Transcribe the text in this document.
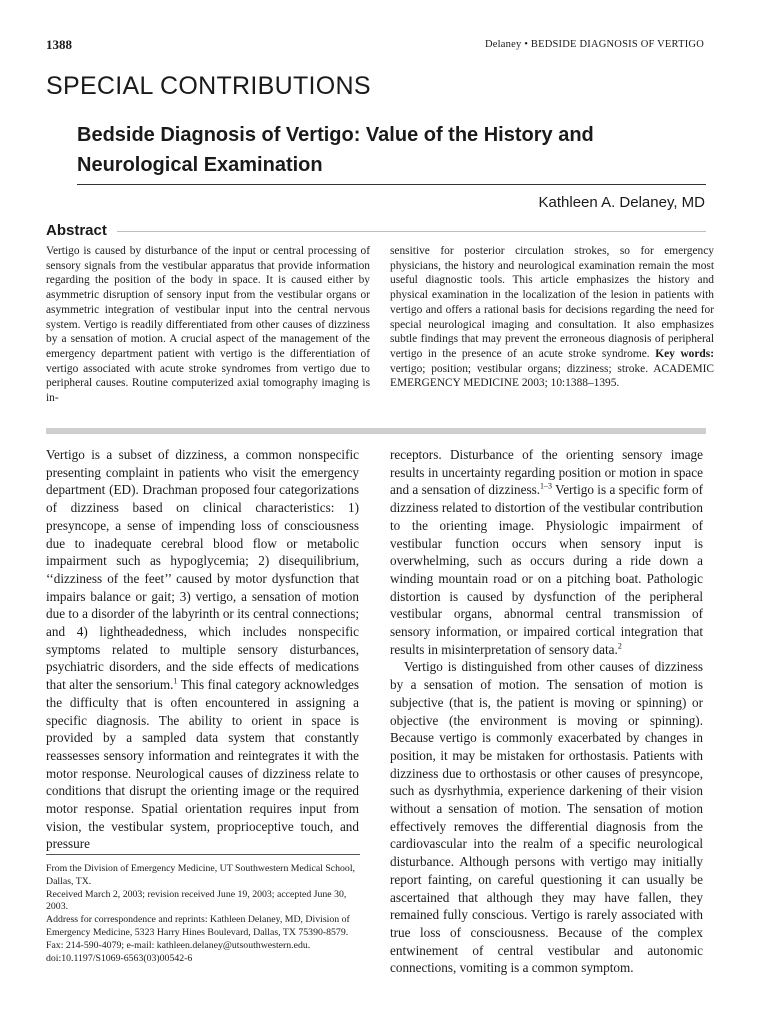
1388	Delaney • BEDSIDE DIAGNOSIS OF VERTIGO
SPECIAL CONTRIBUTIONS
Bedside Diagnosis of Vertigo: Value of the History and Neurological Examination
Kathleen A. Delaney, MD
Abstract
Vertigo is caused by disturbance of the input or central processing of sensory signals from the vestibular apparatus that provide information regarding the position of the body in space. It is caused either by asymmetric disruption of sensory input from the vestibular organs or asymmetric integration of vestibular input into the central nervous system. Vertigo is readily differentiated from other causes of dizziness by a sensation of motion. A crucial aspect of the management of the emergency department patient with vertigo is the differentiation of vertigo associated with acute stroke syndromes from vertigo due to peripheral causes. Routine computerized axial tomography imaging is in-
sensitive for posterior circulation strokes, so for emergency physicians, the history and neurological examination remain the most useful diagnostic tools. This article emphasizes the history and physical examination in the localization of the lesion in patients with vertigo and offers a rational basis for decisions regarding the need for special neurological imaging and consultation. It also emphasizes subtle findings that may prevent the erroneous diagnosis of peripheral vertigo in the presence of an acute stroke syndrome. Key words: vertigo; position; vestibular organs; dizziness; stroke. ACADEMIC EMERGENCY MEDICINE 2003; 10:1388–1395.

Vertigo is a subset of dizziness, a common nonspecific presenting complaint in patients who visit the emergency department (ED). Drachman proposed four categorizations of dizziness based on clinical characteristics: 1) presyncope, a sense of impending loss of consciousness due to inadequate cerebral blood flow or metabolic impairment such as hypoglycemia; 2) disequilibrium, ‘‘dizziness of the feet’’ caused by motor dysfunction that impairs balance or gait; 3) vertigo, a sensation of motion due to a disorder of the labyrinth or its central connections; and 4) lightheadedness, which includes nonspecific symptoms related to multiple sensory disturbances, psychiatric disorders, and the side effects of medications that alter the sensorium.$^1$ This final category acknowledges the difficulty that is often encountered in assigning a specific diagnosis. The ability to orient in space is provided by a sampled data system that constantly reassesses sensory information and reintegrates it with the motor response. Neurological causes of dizziness relate to conditions that disrupt the orienting image or the required motor response. Spatial orientation requires input from vision, the vestibular system, proprioceptive touch, and pressure

receptors. Disturbance of the orienting sensory image results in uncertainty regarding position or motion in space and a sensation of dizziness.$^{1-3}$ Vertigo is a specific form of dizziness related to distortion of the vestibular contribution to the orienting image. Physiologic impairment of vestibular function occurs when sensory input is overwhelming, such as occurs during a ride down a winding mountain road or on a pitching boat. Pathologic distortion is caused by dysfunction of the peripheral vestibular organs, abnormal central transmission of sensory information, or impaired cortical integration that results in misinterpretation of sensory data.$^2$

Vertigo is distinguished from other causes of dizziness by a sensation of motion. The sensation of motion is subjective (that is, the patient is moving or spinning) or objective (the environment is moving or spinning). Because vertigo is commonly exacerbated by changes in position, it may be mistaken for orthostasis. Patients with dizziness due to orthostasis or other causes of presyncope, such as dysrhythmia, experience darkening of their vision without a sensation of motion. The sensation of motion effectively removes the differential diagnosis from the cardiovascular into the realm of a specific neurological disturbance. Although persons with vertigo may initially report fainting, on careful questioning it can usually be ascertained that although they may have fallen, they remained fully conscious. Vertigo is rarely associated with true loss of consciousness. Because of the complex entwinement of central vestibular and autonomic connections, vomiting is a common symptom.

From the Division of Emergency Medicine, UT Southwestern Medical School, Dallas, TX.

Received March 2, 2003; revision received June 19, 2003; accepted June 30, 2003.

Address for correspondence and reprints: Kathleen Delaney, MD, Division of Emergency Medicine, 5323 Harry Hines Boulevard, Dallas, TX 75390-8579. Fax: 214-590-4079; e-mail: kathleen.delaney@utsouthwestern.edu.

doi:10.1197/S1069-6563(03)00542-6
